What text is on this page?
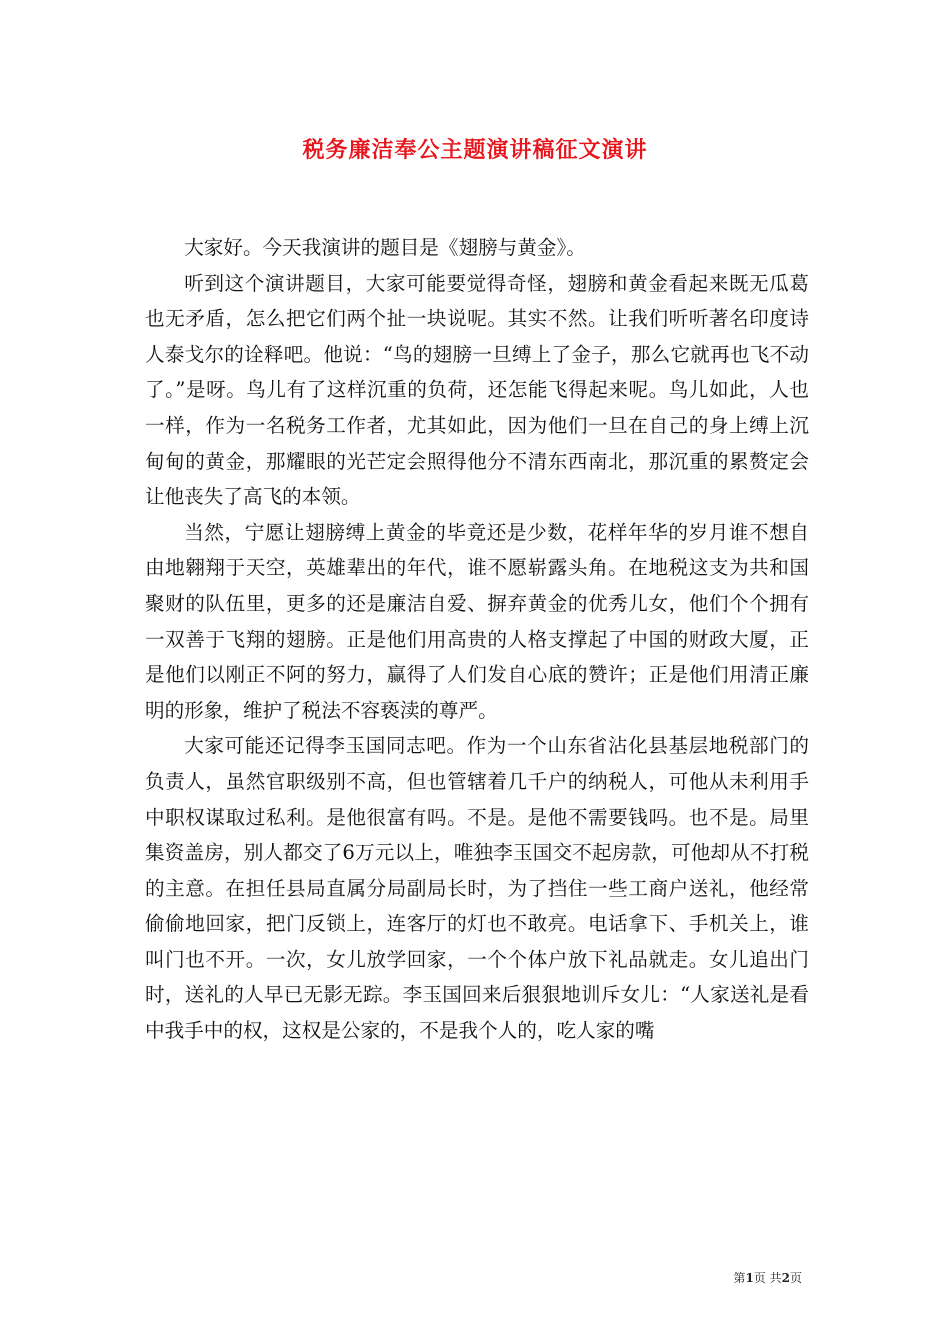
税务廉洁奉公主题演讲稿征文演讲

大家好。今天我演讲的题目是《翅膀与黄金》。

听到这个演讲题目，大家可能要觉得奇怪，翅膀和黄金看起来既无瓜葛也无矛盾，怎么把它们两个扯一块说呢。其实不然。让我们听听著名印度诗人泰戈尔的诠释吧。他说：“鸟的翅膀一旦缚上了金子，那么它就再也飞不动了。”是呀。鸟儿有了这样沉重的负荷，还怎能飞得起来呢。鸟儿如此，人也一样，作为一名税务工作者，尤其如此，因为他们一旦在自己的身上缚上沉甸甸的黄金，那耀眼的光芒定会照得他分不清东西南北，那沉重的累赘定会让他丧失了高飞的本领。

当然，宁愿让翅膀缚上黄金的毕竟还是少数，花样年华的岁月谁不想自由地翱翔于天空，英雄辈出的年代，谁不愿崭露头角。在地税这支为共和国聚财的队伍里，更多的还是廉洁自爱、摒弃黄金的优秀儿女，他们个个拥有一双善于飞翔的翅膀。正是他们用高贵的人格支撑起了中国的财政大厦，正是他们以刚正不阿的努力，赢得了人们发自心底的赞许；正是他们用清正廉明的形象，维护了税法不容亵渎的尊严。

大家可能还记得李玉国同志吧。作为一个山东省沾化县基层地税部门的负责人，虽然官职级别不高，但也管辖着几千户的纳税人，可他从未利用手中职权谋取过私利。是他很富有吗。不是。是他不需要钱吗。也不是。局里集资盖房，别人都交了6万元以上，唯独李玉国交不起房款，可他却从不打税的主意。在担任县局直属分局副局长时，为了挡住一些工商户送礼，他经常偷偷地回家，把门反锁上，连客厅的灯也不敢亮。电话拿下、手机关上，谁叫门也不开。一次，女儿放学回家，一个个体户放下礼品就走。女儿追出门时，送礼的人早已无影无踪。李玉国回来后狠狠地训斥女儿：“人家送礼是看中我手中的权，这权是公家的，不是我个人的，吃人家的嘴

第1页 共2页
